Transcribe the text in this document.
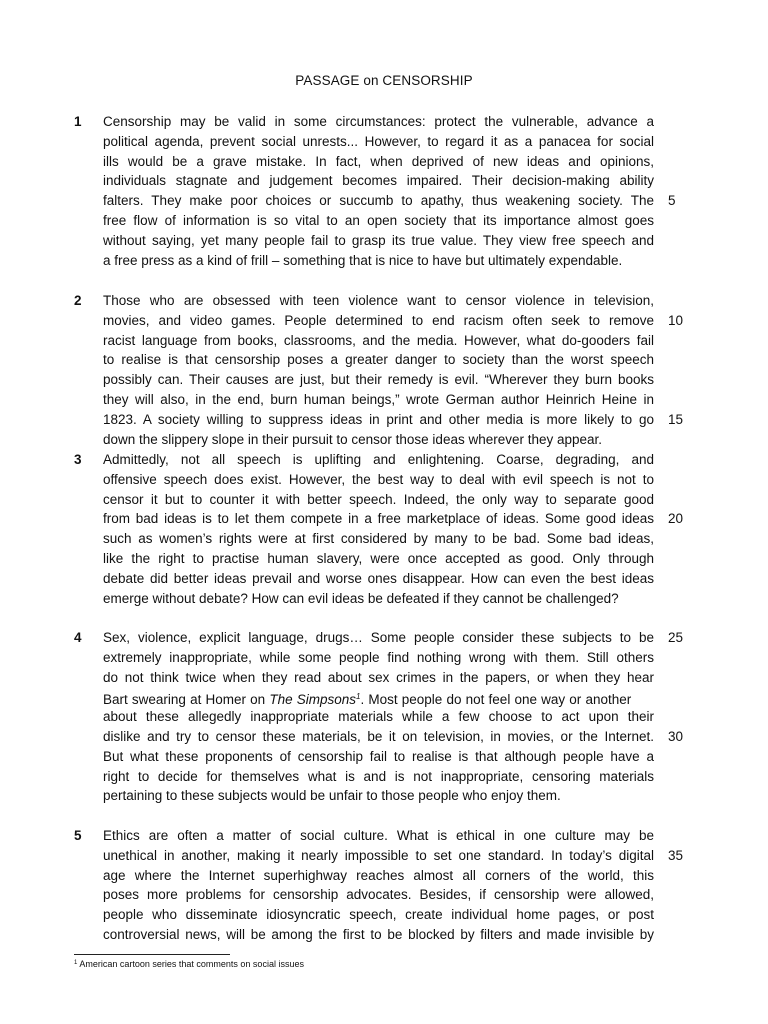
PASSAGE on CENSORSHIP
1 Censorship may be valid in some circumstances: protect the vulnerable, advance a
political agenda, prevent social unrests... However, to regard it as a panacea for social
ills would be a grave mistake. In fact, when deprived of new ideas and opinions,
individuals stagnate and judgement becomes impaired. Their decision-making ability
falters. They make poor choices or succumb to apathy, thus weakening society. The
free flow of information is so vital to an open society that its importance almost goes
without saying, yet many people fail to grasp its true value. They view free speech and
a free press as a kind of frill – something that is nice to have but ultimately expendable.
5
2 Those who are obsessed with teen violence want to censor violence in television,
movies, and video games. People determined to end racism often seek to remove
racist language from books, classrooms, and the media. However, what do-gooders fail
to realise is that censorship poses a greater danger to society than the worst speech
possibly can. Their causes are just, but their remedy is evil. “Wherever they burn books
they will also, in the end, burn human beings,” wrote German author Heinrich Heine in
1823. A society willing to suppress ideas in print and other media is more likely to go
down the slippery slope in their pursuit to censor those ideas wherever they appear.
10
15
3 Admittedly, not all speech is uplifting and enlightening. Coarse, degrading, and
offensive speech does exist. However, the best way to deal with evil speech is not to
censor it but to counter it with better speech. Indeed, the only way to separate good
from bad ideas is to let them compete in a free marketplace of ideas. Some good ideas
such as women’s rights were at first considered by many to be bad. Some bad ideas,
like the right to practise human slavery, were once accepted as good. Only through
debate did better ideas prevail and worse ones disappear. How can even the best ideas
emerge without debate? How can evil ideas be defeated if they cannot be challenged?
20
4 Sex, violence, explicit language, drugs… Some people consider these subjects to be
extremely inappropriate, while some people find nothing wrong with them. Still others
do not think twice when they read about sex crimes in the papers, or when they hear
Bart swearing at Homer on The Simpsons$^1$. Most people do not feel one way or another
about these allegedly inappropriate materials while a few choose to act upon their
dislike and try to censor these materials, be it on television, in movies, or the Internet.
But what these proponents of censorship fail to realise is that although people have a
right to decide for themselves what is and is not inappropriate, censoring materials
pertaining to these subjects would be unfair to those people who enjoy them.
25
30
5 Ethics are often a matter of social culture. What is ethical in one culture may be
unethical in another, making it nearly impossible to set one standard. In today’s digital
age where the Internet superhighway reaches almost all corners of the world, this
poses more problems for censorship advocates. Besides, if censorship were allowed,
people who disseminate idiosyncratic speech, create individual home pages, or post
controversial news, will be among the first to be blocked by filters and made invisible by
35
$^1$ American cartoon series that comments on social issues
